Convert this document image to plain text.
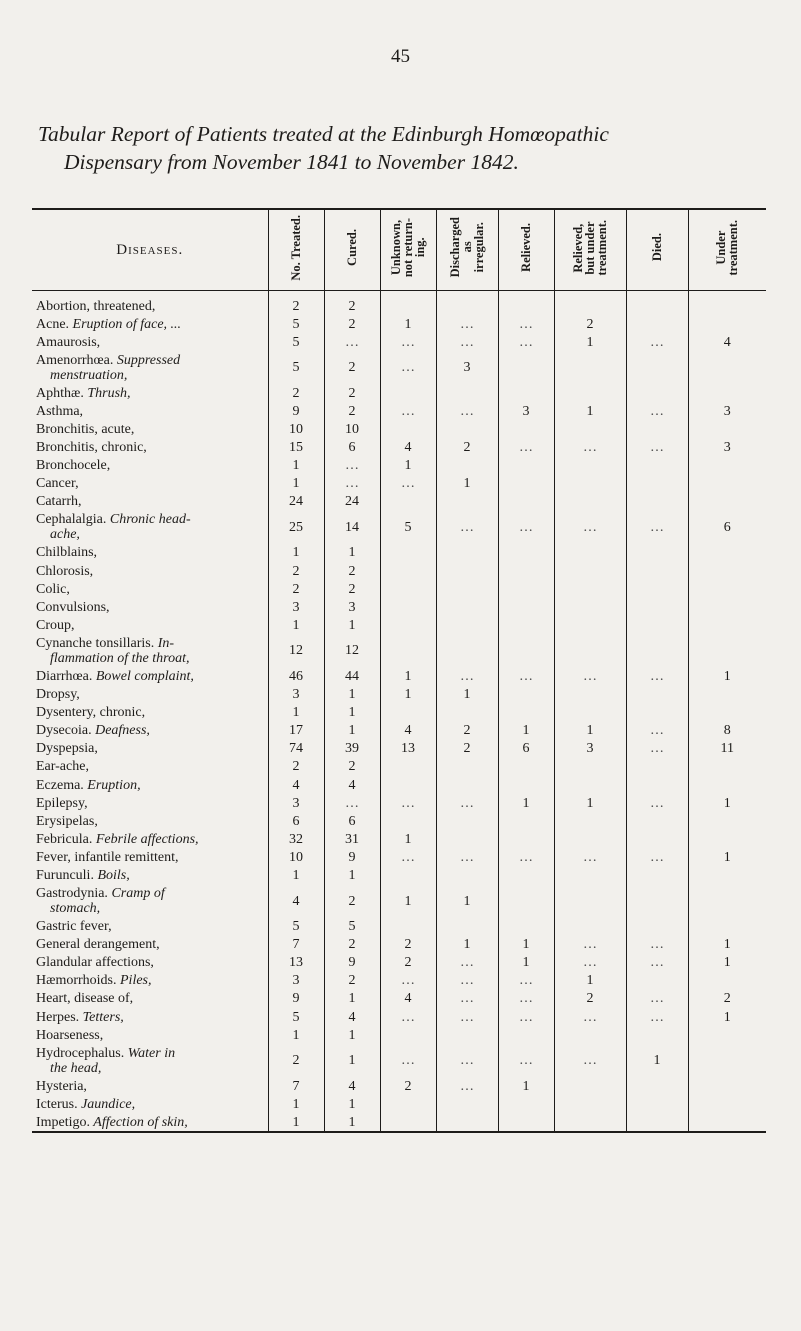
45
Tabular Report of Patients treated at the Edinburgh Homœopathic
Dispensary from November 1841 to November 1842.
Diseases.	No. Treated.	Cured.	Unknown,
not return-
ing.	Discharged
as
irregular.	Relieved.	Relieved,
but under
treatment.	Died.	Under
treatment.
Abortion, threatened,	2	2						
Acne. Eruption of face, ...	5	2	1	…	…	2		
Amaurosis,	5	…	…	…	…	1	…	4
Amenorrhœa. Suppressed
menstruation,	5	2	…	3				
Aphthæ. Thrush,	2	2						
Asthma,	9	2	…	…	3	1	…	3
Bronchitis, acute,	10	10						
Bronchitis, chronic,	15	6	4	2	…	…	…	3
Bronchocele,	1	…	1					
Cancer,	1	…	…	1				
Catarrh,	24	24						
Cephalalgia. Chronic head-
ache,	25	14	5	…	…	…	…	6
Chilblains,	1	1						
Chlorosis,	2	2						
Colic,	2	2						
Convulsions,	3	3						
Croup,	1	1						
Cynanche tonsillaris. In-
flammation of the throat,	12	12						
Diarrhœa. Bowel complaint,	46	44	1	…	…	…	…	1
Dropsy,	3	1	1	1				
Dysentery, chronic,	1	1						
Dysecoia. Deafness,	17	1	4	2	1	1	…	8
Dyspepsia,	74	39	13	2	6	3	…	11
Ear-ache,	2	2						
Eczema. Eruption,	4	4						
Epilepsy,	3	…	…	…	1	1	…	1
Erysipelas,	6	6						
Febricula. Febrile affections,	32	31	1					
Fever, infantile remittent,	10	9	…	…	…	…	…	1
Furunculi. Boils,	1	1						
Gastrodynia. Cramp of
stomach,	4	2	1	1				
Gastric fever,	5	5						
General derangement,	7	2	2	1	1	…	…	1
Glandular affections,	13	9	2	…	1	…	…	1
Hæmorrhoids. Piles,	3	2	…	…	…	1		
Heart, disease of,	9	1	4	…	…	2	…	2
Herpes. Tetters,	5	4	…	…	…	…	…	1
Hoarseness,	1	1						
Hydrocephalus. Water in
the head,	2	1	…	…	…	…	1	
Hysteria,	7	4	2	…	1			
Icterus. Jaundice,	1	1						
Impetigo. Affection of skin,	1	1						
